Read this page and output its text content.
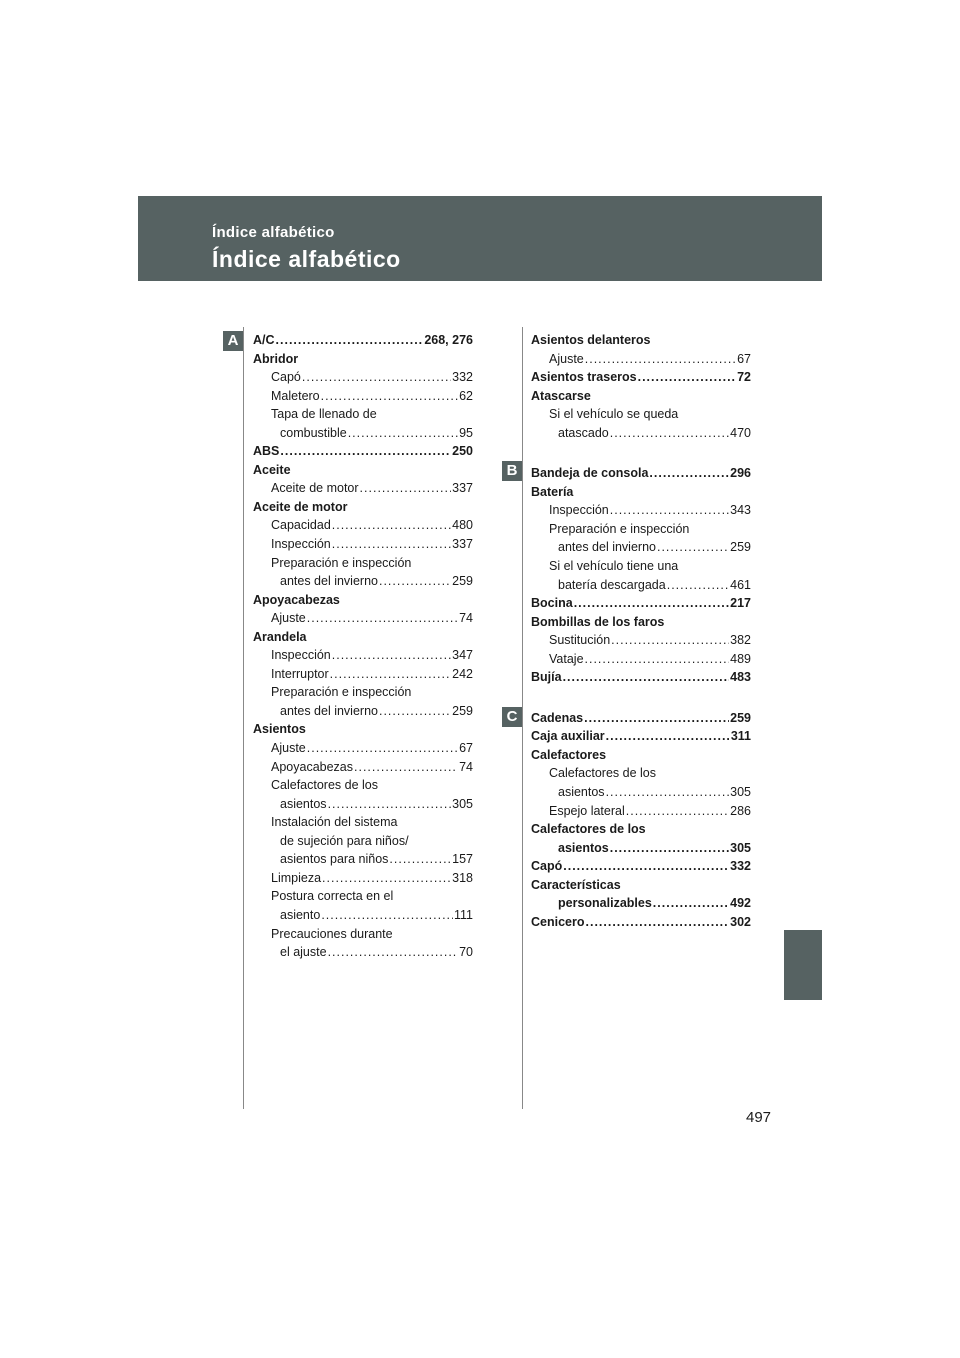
Índice alfabético
Índice alfabético
A
B
C
A/C .....	268, 276
Abridor
Capó .....	332
Maletero .....	62
Tapa de llenado de
combustible .....	95
ABS .....	250
Aceite
Aceite de motor .....	337
Aceite de motor
Capacidad .....	480
Inspección .....	337
Preparación e inspección
antes del invierno .....	259
Apoyacabezas
Ajuste .....	74
Arandela
Inspección .....	347
Interruptor .....	242
Preparación e inspección
antes del invierno .....	259
Asientos
Ajuste .....	67
Apoyacabezas .....	74
Calefactores de los
asientos .....	305
Instalación del sistema
de sujeción para niños/
asientos para niños .....	157
Limpieza .....	318
Postura correcta en el
asiento .....	111
Precauciones durante
el ajuste .....	70
Asientos delanteros
Ajuste .....	67
Asientos traseros .....	72
Atascarse
Si el vehículo se queda
atascado .....	470
Bandeja de consola .....	296
Batería
Inspección .....	343
Preparación e inspección
antes del invierno .....	259
Si el vehículo tiene una
batería descargada .....	461
Bocina .....	217
Bombillas de los faros
Sustitución .....	382
Vataje .....	489
Bujía .....	483
Cadenas .....	259
Caja auxiliar .....	311
Calefactores
Calefactores de los
asientos .....	305
Espejo lateral .....	286
Calefactores de los
asientos .....	305
Capó .....	332
Características
personalizables .....	492
Cenicero .....	302
497
